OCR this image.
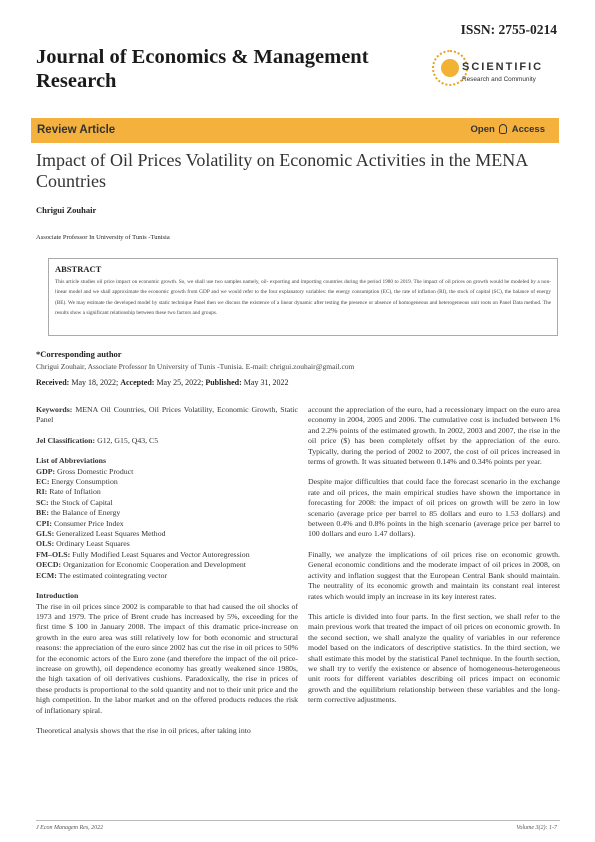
ISSN: 2755-0214
Journal of Economics & Management Research
SCIENTIFIC
Research and Community
Review Article	Open Access
Impact of Oil Prices Volatility on Economic Activities in the MENA Countries
Chrigui Zouhair
Associate Professor In University of Tunis -Tunisia
ABSTRACT
This article studies oil price impact on economic growth. So, we shall use two samples namely, oil- exporting and importing countries during the period 1980 to 2019. The impact of oil prices on growth would be modeled by a non- linear model and we shall approximate the economic growth from GDP and we would refer to the four explanatory variables: the energy consumption (EC), the rate of inflation (RI), the stock of capital (SC), the balance of energy (BE). We may estimate the developed model by static technique Panel then we discuss the existence of a linear dynamic after testing the presence or absence of homogeneous and heterogeneous unit roots on Panel Data method. The results show a significant relationship between these two factors and groups.
*Corresponding author
Chrigui Zouhair, Associate Professor In University of Tunis -Tunisia. E-mail: chrigui.zouhair@gmail.com
Received: May 18, 2022; Accepted: May 25, 2022; Published: May 31, 2022

Keywords: MENA Oil Countries, Oil Prices Volatility, Economic Growth, Static Panel

Jel Classification: G12, G15, Q43, C5

List of Abbreviations

GDP: Gross Domestic Product

EC: Energy Consumption

RI: Rate of Inflation

SC: the Stock of Capital

BE: the Balance of Energy

CPI: Consumer Price Index

GLS: Generalized Least Squares Method

OLS: Ordinary Least Squares

FM–OLS: Fully Modified Least Squares and Vector Autoregression

OECD: Organization for Economic Cooperation and Development

ECM: The estimated cointegrating vector

Introduction

The rise in oil prices since 2002 is comparable to that had caused the oil shocks of 1973 and 1979. The price of Brent crude has increased by 5%, exceeding for the first time $ 100 in January 2008. The impact of this dramatic price-increase on growth in the euro area was still relatively low for both economic and structural reasons: the appreciation of the euro since 2002 has cut the rise in oil prices to 50% for the economic actors of the Euro zone (and therefore the impact of the oil price-increase on growth), oil dependence economy has greatly weakened since 1980s, the high taxation of oil derivatives cushions. Paradoxically, the rise in prices of these products is proportional to the sold quantity and not to their unit price and the high competition. In the labor market and on the offered products reduces the risk of inflationary spiral.

Theoretical analysis shows that the rise in oil prices, after taking into

account the appreciation of the euro, had a recessionary impact on the euro area economy in 2004, 2005 and 2006. The cumulative cost is included between 1% and 2.2% points of the estimated growth. In 2002, 2003 and 2007, the rise in the oil price ($) has been completely offset by the appreciation of the euro. Typically, during the period of 2002 to 2007, the cost of oil prices increased in terms of growth. It was situated between 0.14% and 0.34% points per year.

Despite major difficulties that could face the forecast scenario in the exchange rate and oil prices, the main empirical studies have shown the importance in forecasting for 2008: the impact of oil prices on growth will be zero in low scenario (average price per barrel to 85 dollars and euro to 1.53 dollars) and between 0.4% and 0.8% points in the high scenario (average price per barrel to 100 dollars and euro 1.47 dollars).

Finally, we analyze the implications of oil prices rise on economic growth. General economic conditions and the moderate impact of oil prices in 2008, on activity and inflation suggest that the European Central Bank should maintain. The neutrality of its economic growth and maintain its constant real interest rates which would imply an increase in its key interest rates.

This article is divided into four parts. In the first section, we shall refer to the main previous work that treated the impact of oil prices on economic growth. In the second section, we shall analyze the quality of variables in our reference model based on the indicators of descriptive statistics. In the third section, we shall estimate this model by the statistical Panel technique. In the fourth section, we shall try to verify the existence or absence of homogeneous-heterogeneous unit roots for different variables describing oil prices impact on economic growth and the equilibrium relationship between these variables and the long-term corrective adjustments.

J Econ Managem Res, 2022	Volume 3(2): 1-7
